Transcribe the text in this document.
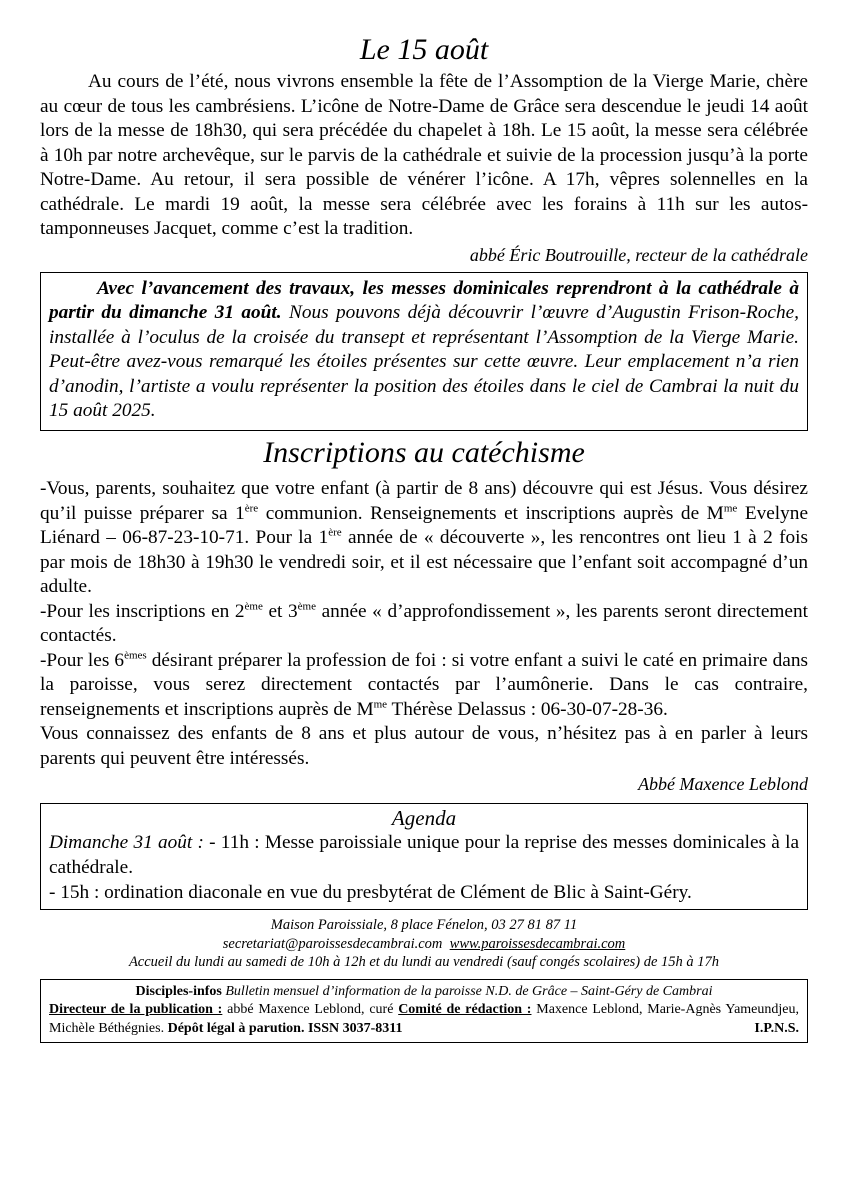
Le 15 août

Au cours de l’été, nous vivrons ensemble la fête de l’Assomption de la Vierge Marie, chère au cœur de tous les cambrésiens. L’icône de Notre-Dame de Grâce sera descendue le jeudi 14 août lors de la messe de 18h30, qui sera précédée du chapelet à 18h. Le 15 août, la messe sera célébrée à 10h par notre archevêque, sur le parvis de la cathédrale et suivie de la procession jusqu’à la porte Notre-Dame. Au retour, il sera possible de vénérer l’icône. A 17h, vêpres solennelles en la cathédrale. Le mardi 19 août, la messe sera célébrée avec les forains à 11h sur les autos-tamponneuses Jacquet, comme c’est la tradition.

abbé Éric Boutrouille, recteur de la cathédrale

Avec l’avancement des travaux, les messes dominicales reprendront à la cathédrale à partir du dimanche 31 août. Nous pouvons déjà découvrir l’œuvre d’Augustin Frison-Roche, installée à l’oculus de la croisée du transept et représentant l’Assomption de la Vierge Marie. Peut-être avez-vous remarqué les étoiles présentes sur cette œuvre. Leur emplacement n’a rien d’anodin, l’artiste a voulu représenter la position des étoiles dans le ciel de Cambrai la nuit du 15 août 2025.

Inscriptions au catéchisme

-Vous, parents, souhaitez que votre enfant (à partir de 8 ans) découvre qui est Jésus. Vous désirez qu’il puisse préparer sa 1ère communion. Renseignements et inscriptions auprès de $M^{me}$ Evelyne Liénard – 06-87-23-10-71. Pour la 1ère année de « découverte », les rencontres ont lieu 1 à 2 fois par mois de 18h30 à 19h30 le vendredi soir, et il est nécessaire que l’enfant soit accompagné d’un adulte.

-Pour les inscriptions en 2ème et 3ème année « d’approfondissement », les parents seront directement contactés.

-Pour les 6èmes désirant préparer la profession de foi : si votre enfant a suivi le caté en primaire dans la paroisse, vous serez directement contactés par l’aumônerie. Dans le cas contraire, renseignements et inscriptions auprès de $M^{me}$ Thérèse Delassus : 06-30-07-28-36.

Vous connaissez des enfants de 8 ans et plus autour de vous, n’hésitez pas à en parler à leurs parents qui peuvent être intéressés.

Abbé Maxence Leblond

Agenda

Dimanche 31 août : - 11h : Messe paroissiale unique pour la reprise des messes dominicales à la cathédrale.

- 15h : ordination diaconale en vue du presbytérat de Clément de Blic à Saint-Géry.

Maison Paroissiale, 8 place Fénelon, 03 27 81 87 11
secretariat@paroissesdecambrai.com www.paroissesdecambrai.com
Accueil du lundi au samedi de 10h à 12h et du lundi au vendredi (sauf congés scolaires) de 15h à 17h
Disciples-infos Bulletin mensuel d’information de la paroisse N.D. de Grâce – Saint-Géry de Cambrai
Directeur de la publication : abbé Maxence Leblond, curé Comité de rédaction : Maxence Leblond, Marie-Agnès Yameundjeu, Michèle Béthégnies. Dépôt légal à parution. ISSN 3037-8311	I.P.N.S.
